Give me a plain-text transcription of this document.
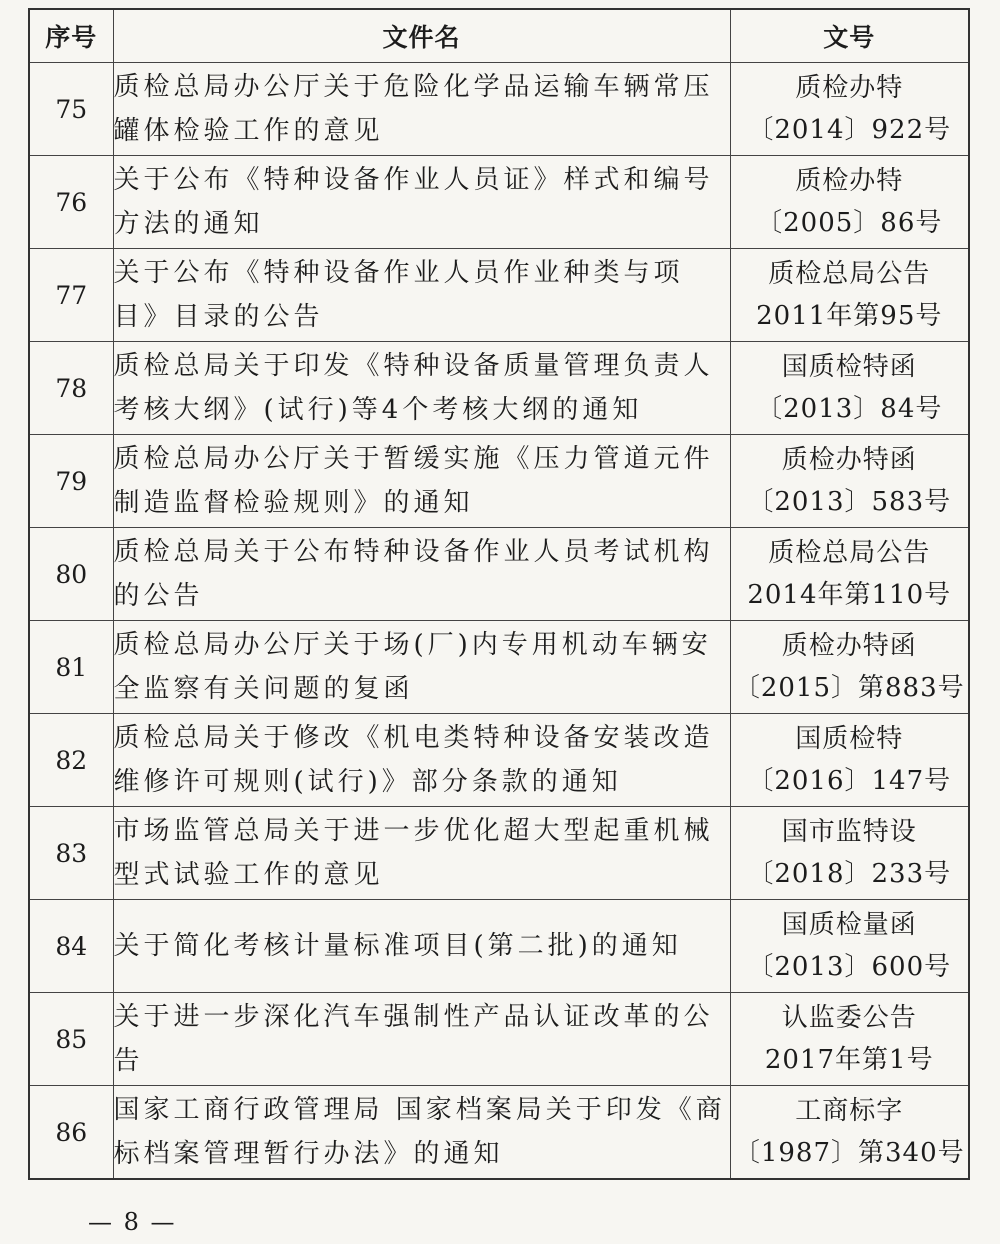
序号	文件名	文号
75	质检总局办公厅关于危险化学品运输车辆常压罐体检验工作的意见	质检办特
〔2014〕922号

76	关于公布《特种设备作业人员证》样式和编号方法的通知	质检办特
〔2005〕86号

77	关于公布《特种设备作业人员作业种类与项目》目录的公告	质检总局公告
2011年第95号

78	质检总局关于印发《特种设备质量管理负责人考核大纲》(试行)等4个考核大纲的通知	国质检特函
〔2013〕84号

79	质检总局办公厅关于暂缓实施《压力管道元件制造监督检验规则》的通知	质检办特函
〔2013〕583号

80	质检总局关于公布特种设备作业人员考试机构的公告	质检总局公告
2014年第110号

81	质检总局办公厅关于场(厂)内专用机动车辆安全监察有关问题的复函	质检办特函
〔2015〕第883号

82	质检总局关于修改《机电类特种设备安装改造维修许可规则(试行)》部分条款的通知	国质检特
〔2016〕147号

83	市场监管总局关于进一步优化超大型起重机械型式试验工作的意见	国市监特设
〔2018〕233号

84	关于简化考核计量标准项目(第二批)的通知	国质检量函
〔2013〕600号

85	关于进一步深化汽车强制性产品认证改革的公告	认监委公告
2017年第1号

86	国家工商行政管理局 国家档案局关于印发《商标档案管理暂行办法》的通知	工商标字
〔1987〕第340号
— 8 —
